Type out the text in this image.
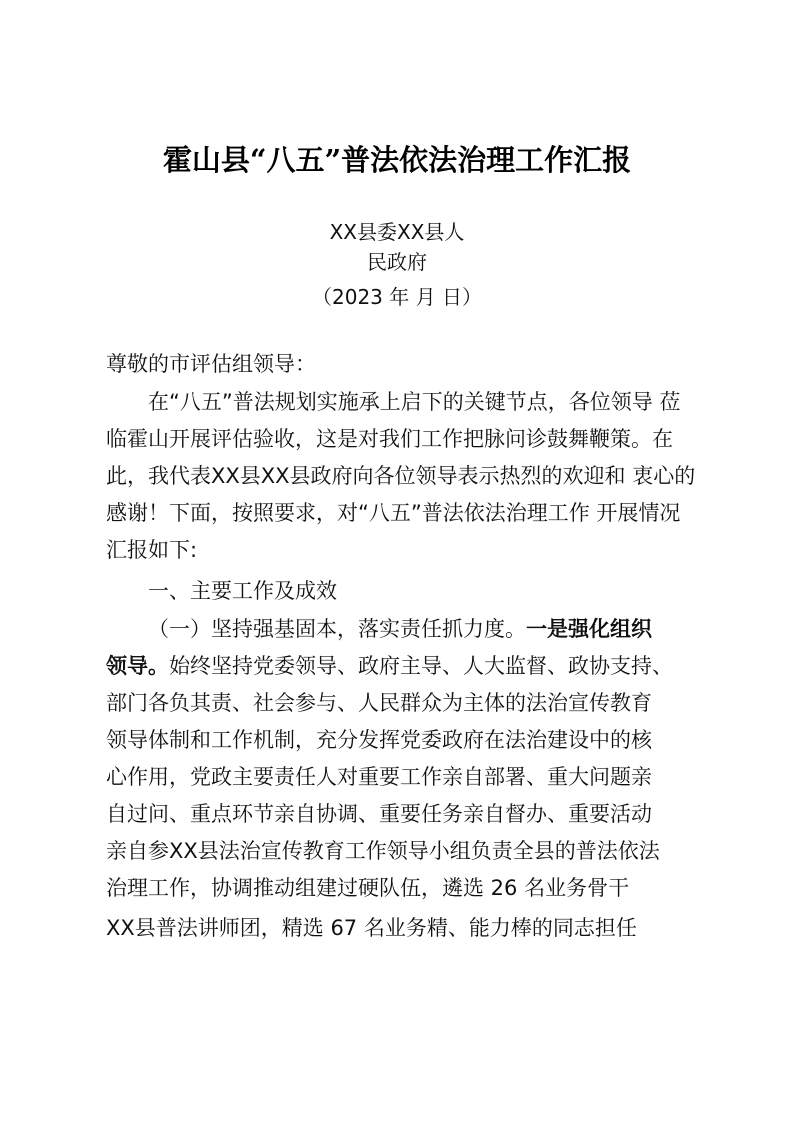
霍山县“八五”普法依法治理工作汇报
XX县委XX县人
民政府
（2023 年 月 日）
尊敬的市评估组领导：
在“八五”普法规划实施承上启下的关键节点，各位领导 莅
临霍山开展评估验收，这是对我们工作把脉问诊鼓舞鞭策。在
此，我代表XX县XX县政府向各位领导表示热烈的欢迎和 衷心的
感谢！下面，按照要求，对“八五”普法依法治理工作 开展情况
汇报如下:
一、主要工作及成效
（一）坚持强基固本，落实责任抓力度。一是强化组织
领导。始终坚持党委领导、政府主导、人大监督、政协支持、
部门各负其责、社会参与、人民群众为主体的法治宣传教育
领导体制和工作机制，充分发挥党委政府在法治建设中的核
心作用，党政主要责任人对重要工作亲自部署、重大问题亲
自过问、重点环节亲自协调、重要任务亲自督办、重要活动
亲自参XX县法治宣传教育工作领导小组负责全县的普法依法
治理工作，协调推动组建过硬队伍，遴选 26 名业务骨干
XX县普法讲师团，精选 67 名业务精、能力棒的同志担任
